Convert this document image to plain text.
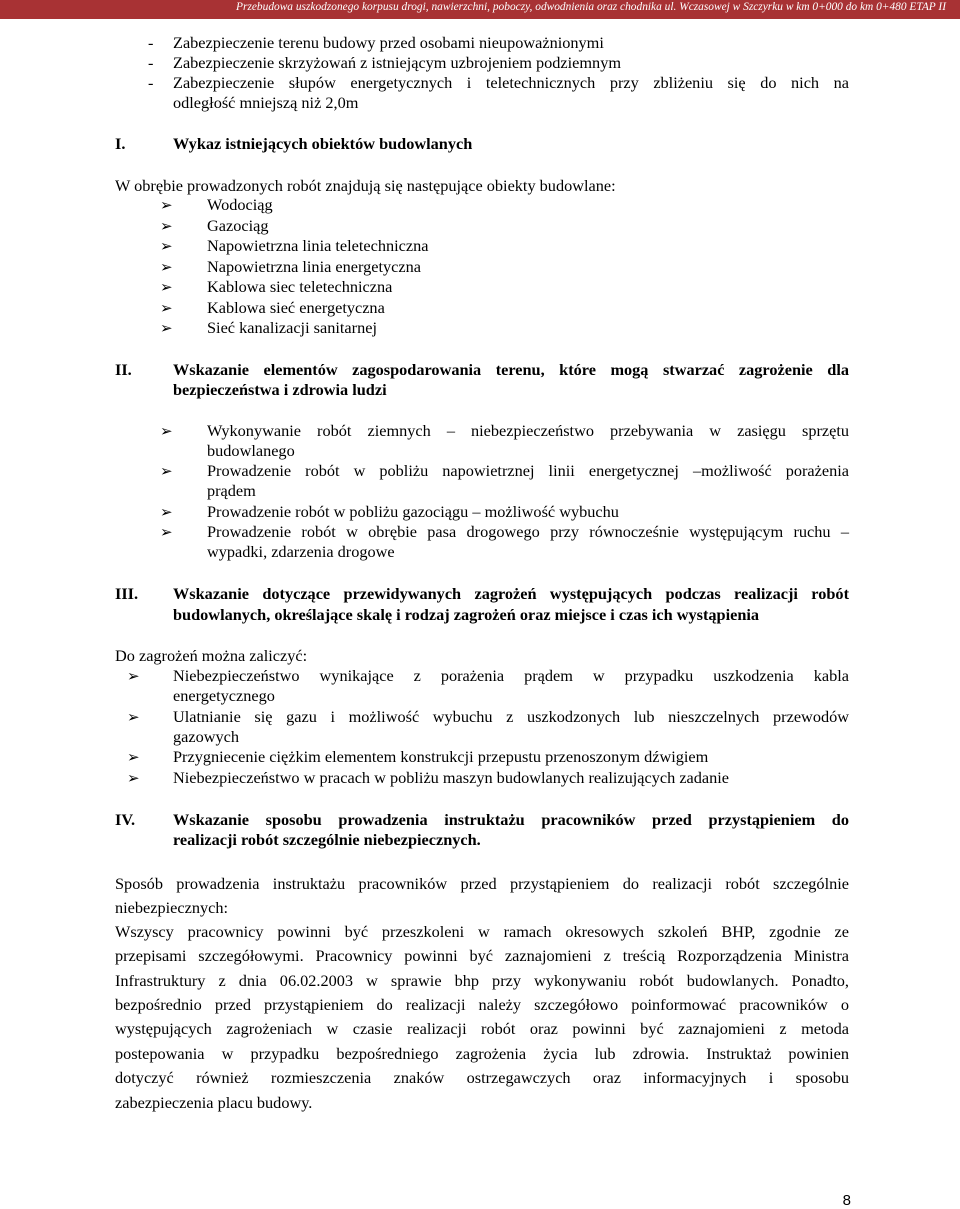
Przebudowa uszkodzonego korpusu drogi, nawierzchni, poboczy, odwodnienia oraz chodnika ul. Wczasowej w Szczyrku w km 0+000 do km 0+480 ETAP II
- Zabezpieczenie terenu budowy przed osobami nieupoważnionymi
- Zabezpieczenie skrzyżowań z istniejącym uzbrojeniem podziemnym
- Zabezpieczenie słupów energetycznych i teletechnicznych przy zbliżeniu się do nich na
odległość mniejszą niż 2,0m
I.	Wykaz istniejących obiektów budowlanych
W obrębie prowadzonych robót znajdują się następujące obiekty budowlane:
➢ Wodociąg
➢ Gazociąg
➢ Napowietrzna linia teletechniczna
➢ Napowietrzna linia energetyczna
➢ Kablowa siec teletechniczna
➢ Kablowa sieć energetyczna
➢ Sieć kanalizacji sanitarnej
II.	Wskazanie elementów zagospodarowania terenu, które mogą stwarzać zagrożenie dla
bezpieczeństwa i zdrowia ludzi
➢ Wykonywanie robót ziemnych – niebezpieczeństwo przebywania w zasięgu sprzętu
budowlanego
➢ Prowadzenie robót w pobliżu napowietrznej linii energetycznej –możliwość porażenia
prądem
➢ Prowadzenie robót w pobliżu gazociągu – możliwość wybuchu
➢ Prowadzenie robót w obrębie pasa drogowego przy równocześnie występującym ruchu –
wypadki, zdarzenia drogowe
III. Wskazanie dotyczące przewidywanych zagrożeń występujących podczas realizacji robót
budowlanych, określające skalę i rodzaj zagrożeń oraz miejsce i czas ich wystąpienia
Do zagrożeń można zaliczyć:
➢ Niebezpieczeństwo wynikające z porażenia prądem w przypadku uszkodzenia kabla
energetycznego
➢ Ulatnianie się gazu i możliwość wybuchu z uszkodzonych lub nieszczelnych przewodów
gazowych
➢ Przygniecenie ciężkim elementem konstrukcji przepustu przenoszonym dźwigiem
➢ Niebezpieczeństwo w pracach w pobliżu maszyn budowlanych realizujących zadanie
IV. Wskazanie sposobu prowadzenia instruktażu pracowników przed przystąpieniem do
realizacji robót szczególnie niebezpiecznych.
Sposób prowadzenia instruktażu pracowników przed przystąpieniem do realizacji robót szczególnie
niebezpiecznych:
Wszyscy pracownicy powinni być przeszkoleni w ramach okresowych szkoleń BHP, zgodnie ze
przepisami szczegółowymi. Pracownicy powinni być zaznajomieni z treścią Rozporządzenia Ministra
Infrastruktury z dnia 06.02.2003 w sprawie bhp przy wykonywaniu robót budowlanych. Ponadto,
bezpośrednio przed przystąpieniem do realizacji należy szczegółowo poinformować pracowników o
występujących zagrożeniach w czasie realizacji robót oraz powinni być zaznajomieni z metoda
postepowania w przypadku bezpośredniego zagrożenia życia lub zdrowia. Instruktaż powinien
dotyczyć również rozmieszczenia znaków ostrzegawczych oraz informacyjnych i sposobu
zabezpieczenia placu budowy.
8
